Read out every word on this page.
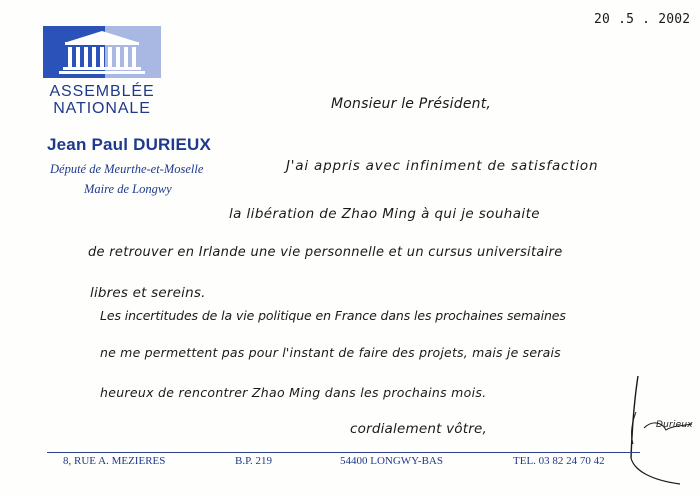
ASSEMBLÉE
NATIONALE
Jean Paul DURIEUX
Député de Meurthe-et-Moselle
Maire de Longwy
20 .5 . 2002
Monsieur le Président,
J'ai appris avec infiniment de satisfaction
la libération de Zhao Ming à qui je souhaite
de retrouver en Irlande une vie personnelle et un cursus universitaire
libres et sereins.
Les incertitudes de la vie politique en France dans les prochaines semaines
ne me permettent pas pour l'instant de faire des projets, mais je serais
heureux de rencontrer Zhao Ming dans les prochains mois.
cordialement vôtre,	Durieux
8, RUE A. MEZIERES	B.P. 219	54400 LONGWY-BAS	TEL. 03 82 24 70 42
